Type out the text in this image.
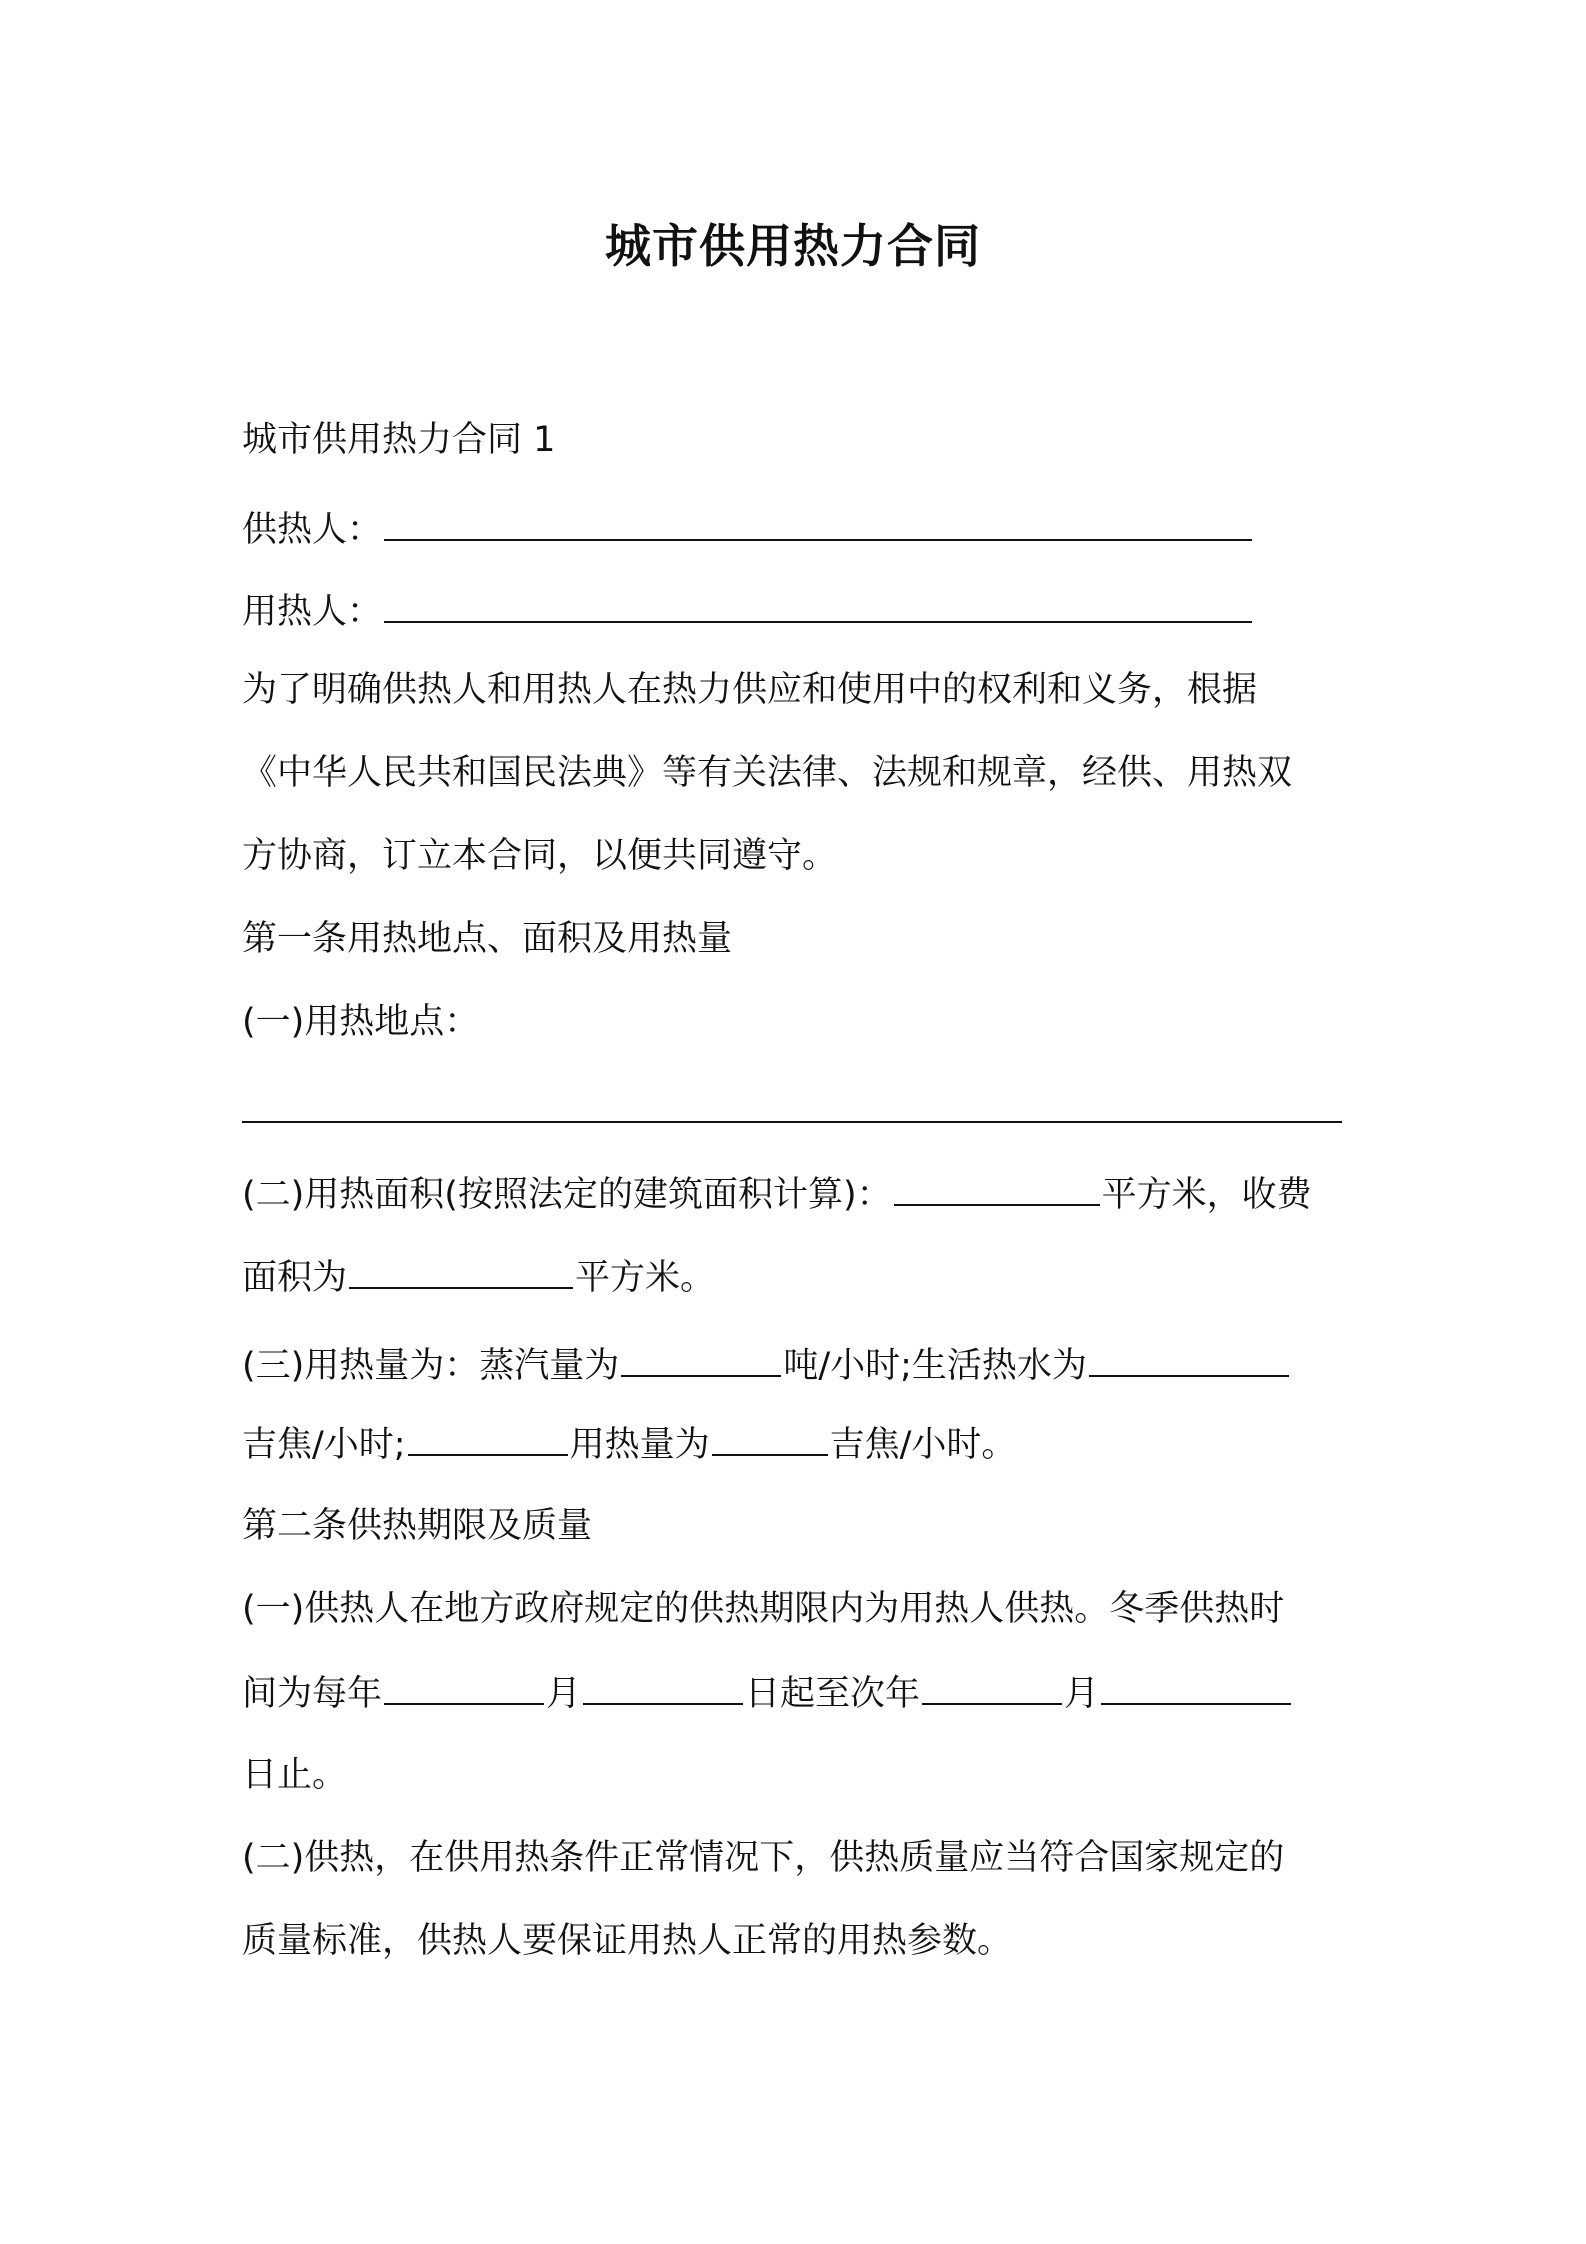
城市供用热力合同
城市供用热力合同 1
供热人：
用热人：
为了明确供热人和用热人在热力供应和使用中的权利和义务，根据
《中华人民共和国民法典》等有关法律、法规和规章，经供、用热双
方协商，订立本合同，以便共同遵守。
第一条用热地点、面积及用热量
(一)用热地点：
(二)用热面积(按照法定的建筑面积计算)：	平方米，收费
面积为	平方米。
(三)用热量为：蒸汽量为	吨/小时;生活热水为
吉焦/小时;	用热量为	吉焦/小时。
第二条供热期限及质量
(一)供热人在地方政府规定的供热期限内为用热人供热。冬季供热时
间为每年	月	日起至次年	月
日止。
(二)供热，在供用热条件正常情况下，供热质量应当符合国家规定的
质量标准，供热人要保证用热人正常的用热参数。
